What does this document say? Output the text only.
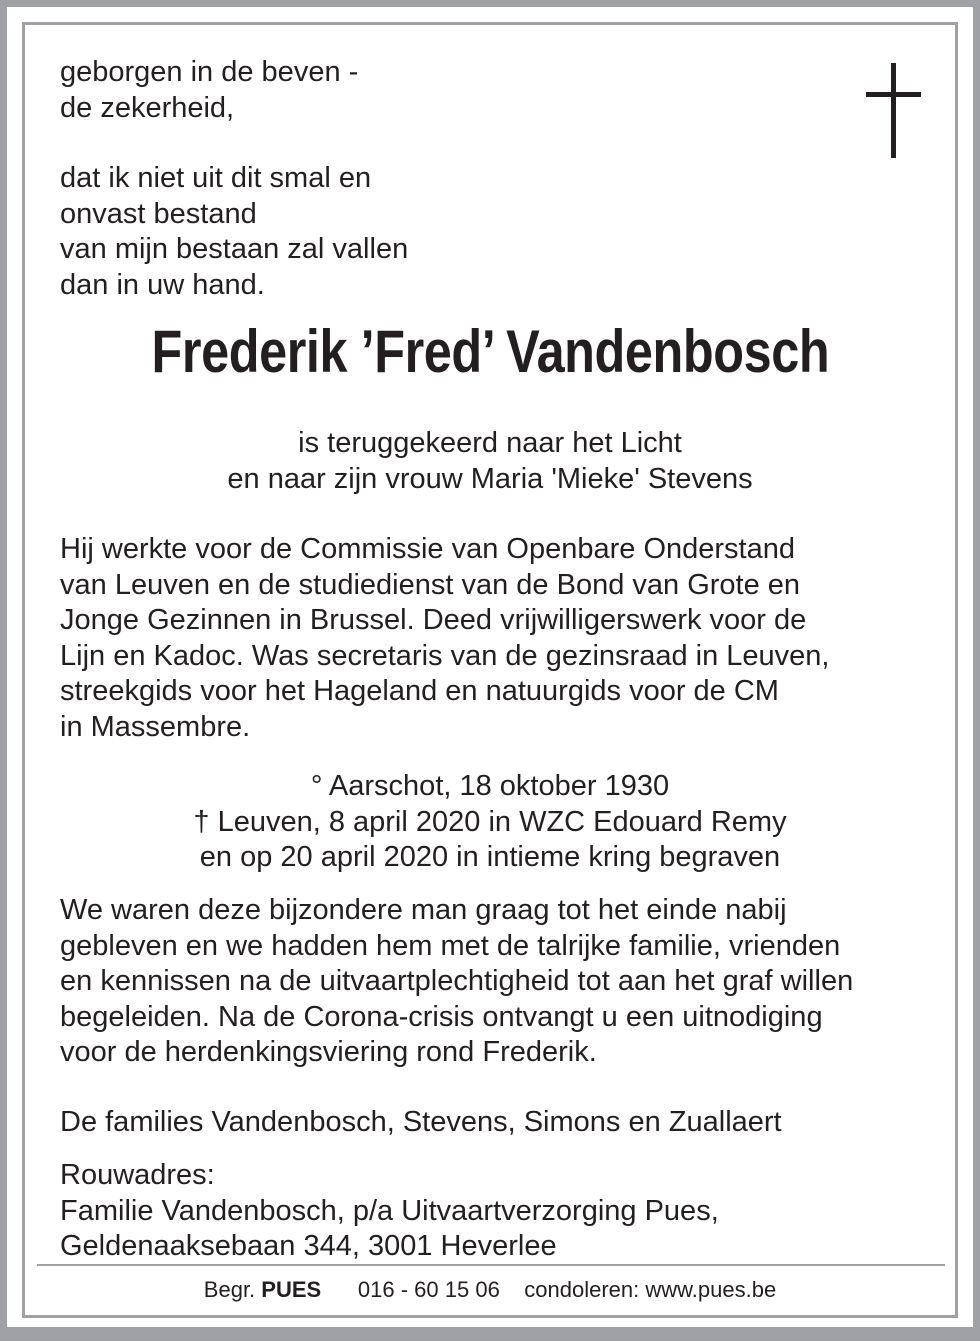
geborgen in de beven -
de zekerheid,
dat ik niet uit dit smal en
onvast bestand
van mijn bestaan zal vallen
dan in uw hand.
Frederik ’Fred’ Vandenbosch
is teruggekeerd naar het Licht
en naar zijn vrouw Maria 'Mieke' Stevens
Hij werkte voor de Commissie van Openbare Onderstand
van Leuven en de studiedienst van de Bond van Grote en
Jonge Gezinnen in Brussel. Deed vrijwilligerswerk voor de
Lijn en Kadoc. Was secretaris van de gezinsraad in Leuven,
streekgids voor het Hageland en natuurgids voor de CM
in Massembre.
° Aarschot, 18 oktober 1930
† Leuven, 8 april 2020 in WZC Edouard Remy
en op 20 april 2020 in intieme kring begraven
We waren deze bijzondere man graag tot het einde nabij
gebleven en we hadden hem met de talrijke familie, vrienden
en kennissen na de uitvaartplechtigheid tot aan het graf willen
begeleiden. Na de Corona-crisis ontvangt u een uitnodiging
voor de herdenkingsviering rond Frederik.
De families Vandenbosch, Stevens, Simons en Zuallaert
Rouwadres:
Familie Vandenbosch, p/a Uitvaartverzorging Pues,
Geldenaaksebaan 344, 3001 Heverlee
Begr. PUES 016 - 60 15 06 condoleren: www.pues.be
